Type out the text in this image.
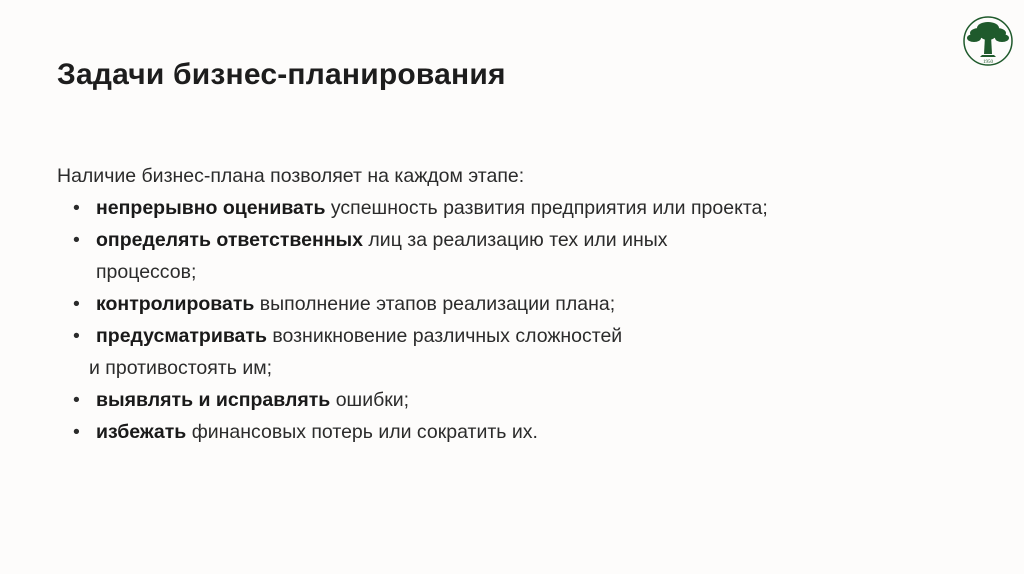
Задачи бизнес-планирования	1950

Наличие бизнес-плана позволяет на каждом этапе:

• непрерывно оценивать успешность развития предприятия или проекта;
• определять ответственных лиц за реализацию тех или иных
процессов;
• контролировать выполнение этапов реализации плана;
• предусматривать возникновение различных сложностей
и противостоять им;
• выявлять и исправлять ошибки;
• избежать финансовых потерь или сократить их.
